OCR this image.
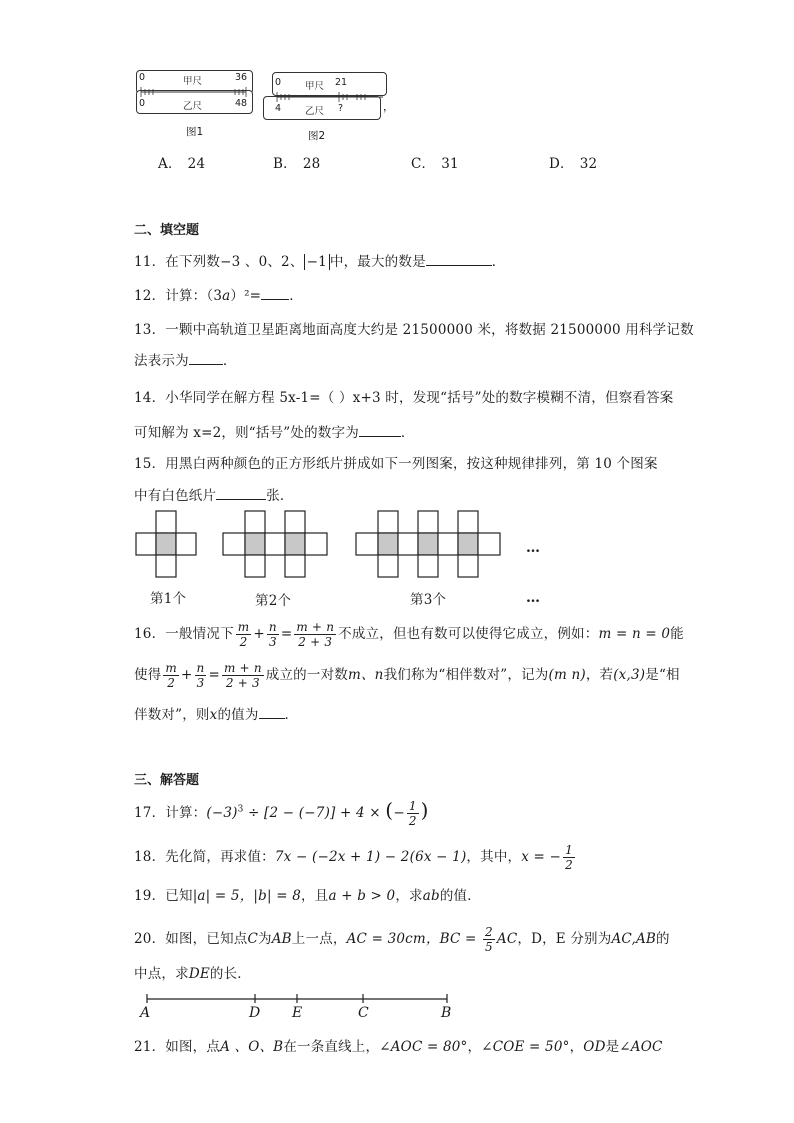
0	甲尺	36
0	乙尺	48
图1
0	甲尺 21
4	乙尺 ?	，
图2
A． 24	B． 28	C． 31	D． 32
二、填空题
11．在下列数−3 、0、2、 −1 中，最大的数是	．
12．计算：（3a）²= ．
13．一颗中高轨道卫星距离地面高度大约是 21500000 米，将数据 21500000 用科学记数
法表示为	．
14．小华同学在解方程 5x-1=（ ）x+3 时，发现“括号”处的数字模糊不清，但察看答案
可知解为 x=2，则“括号”处的数字为	．
15．用黑白两种颜色的正方形纸片拼成如下一列图案，按这种规律排列，第 10 个图案
中有白色纸片	张．
…
第1个	第2个	第3个	…
16．一般情况下 $\frac{m}{2} + \frac{n}{3} = \frac{m + n}{2 + 3}$ 不成立，但也有数可以使得它成立，例如：m = n = 0能
使得 $\frac{m}{2} + \frac{n}{3} = \frac{m + n}{2 + 3}$ 成立的一对数m、n我们称为“相伴数对”，记为(m n)，若(x,3)是“相
伴数对”，则x的值为 ．
三、解答题
17．计算：$(-3)^3 \div [2 - (-7)] + 4$ × (− $\frac{1}{2}$ )
18．先化简，再求值：7x − (−2x + 1) − 2(6x − 1)，其中，x = − $\frac{1}{2}$
19．已知|a| = 5，|b| = 8，且a + b > 0，求ab的值．
20．如图，已知点C为AB上一点，AC = 30cm，BC = $\frac{2}{5}$ AC，D，E 分别为AC,AB的
中点，求DE的长．
A	D E	C	B
21．如图，点A 、O、B在一条直线上，∠AOC = 80°，∠COE = 50°，OD是∠AOC
